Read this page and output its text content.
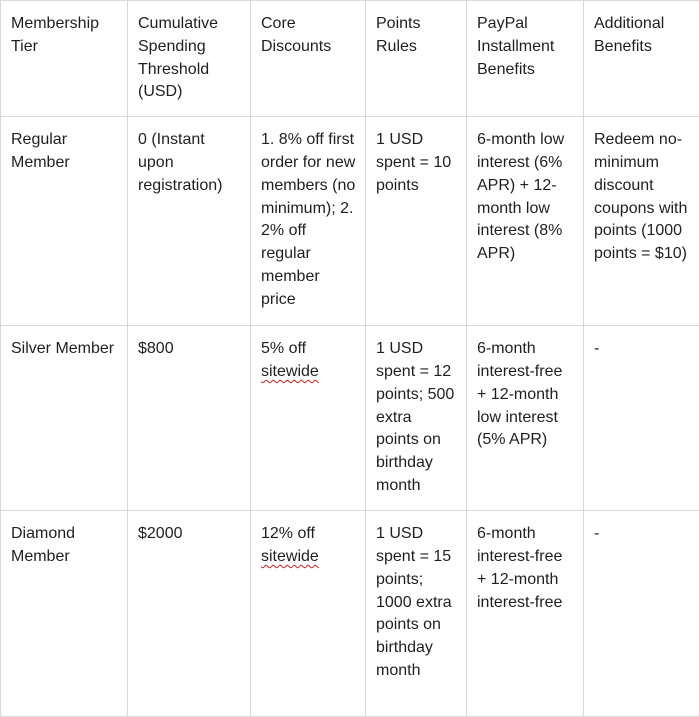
Membership Tier	Cumulative Spending Threshold (USD)	Core Discounts	Points Rules	PayPal Installment Benefits	Additional Benefits
Regular Member	0 (Instant upon registration)	1. 8% off first order for new members (no minimum); 2. 2% off regular member price	1 USD spent = 10 points	6-month low interest (6% APR) + 12-month low interest (8% APR)	Redeem no-minimum discount coupons with points (1000 points = $10)
Silver Member	$800	5% off sitewide	1 USD spent = 12 points; 500 extra points on birthday month	6-month interest-free + 12-month low interest (5% APR)	-
Diamond Member	$2000	12% off sitewide	1 USD spent = 15 points; 1000 extra points on birthday month	6-month interest-free + 12-month interest-free	-
